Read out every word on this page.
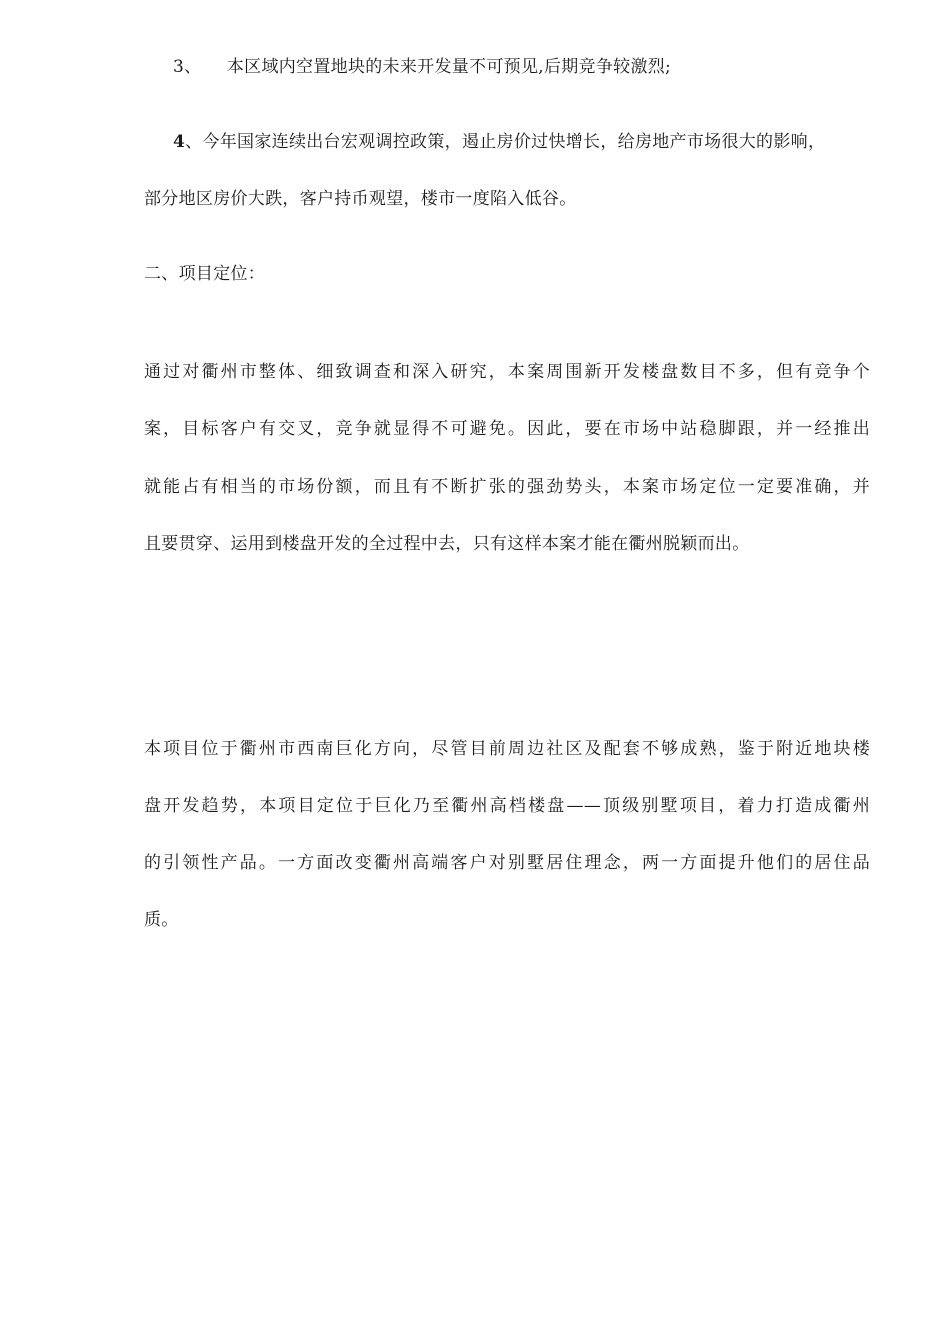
3、 本区域内空置地块的未来开发量不可预见,后期竞争较激烈;
4、今年国家连续出台宏观调控政策，遏止房价过快增长，给房地产市场很大的影响，
部分地区房价大跌，客户持币观望，楼市一度陷入低谷。
二、项目定位：
通过对衢州市整体、细致调查和深入研究，本案周围新开发楼盘数目不多，但有竞争个
案，目标客户有交叉，竞争就显得不可避免。因此，要在市场中站稳脚跟，并一经推出
就能占有相当的市场份额，而且有不断扩张的强劲势头，本案市场定位一定要准确，并
且要贯穿、运用到楼盘开发的全过程中去，只有这样本案才能在衢州脱颖而出。
本项目位于衢州市西南巨化方向，尽管目前周边社区及配套不够成熟，鉴于附近地块楼
盘开发趋势，本项目定位于巨化乃至衢州高档楼盘——顶级别墅项目，着力打造成衢州
的引领性产品。一方面改变衢州高端客户对别墅居住理念，两一方面提升他们的居住品
质。
